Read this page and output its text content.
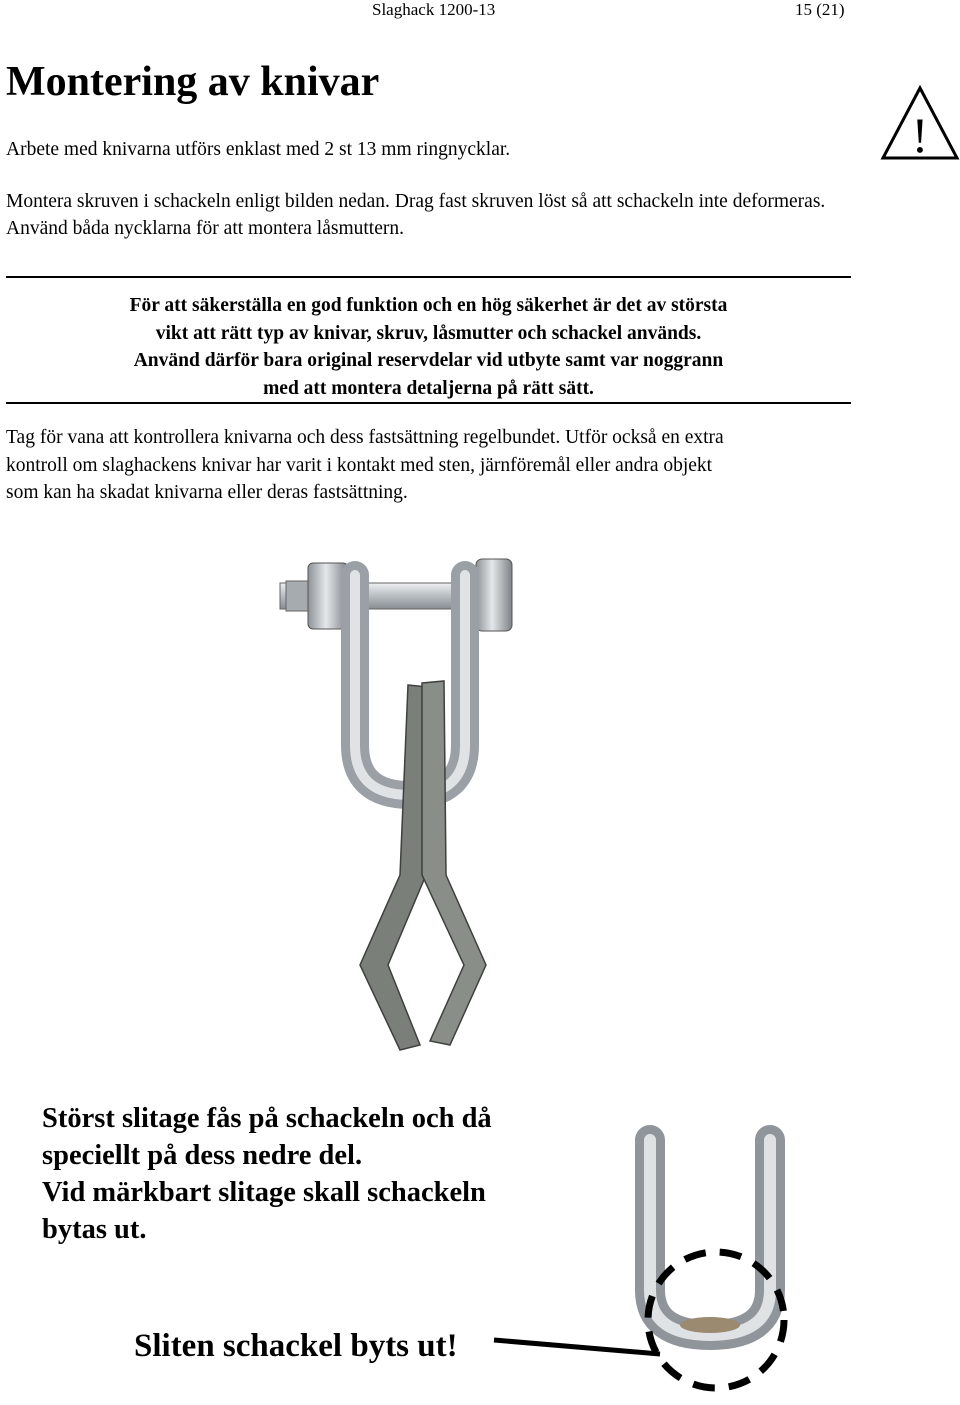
Slaghack 1200-13	15 (21)
Montering av knivar

Arbete med knivarna utförs enklast med 2 st 13 mm ringnycklar.

Montera skruven i schackeln enligt bilden nedan. Drag fast skruven löst så att schackeln inte deformeras. Använd båda nycklarna för att montera låsmuttern.

!
För att säkerställa en god funktion och en hög säkerhet är det av största
vikt att rätt typ av knivar, skruv, låsmutter och schackel används.
Använd därför bara original reservdelar vid utbyte samt var noggrann
med att montera detaljerna på rätt sätt.

Tag för vana att kontrollera knivarna och dess fastsättning regelbundet. Utför också en extra
kontroll om slaghackens knivar har varit i kontakt med sten, järnföremål eller andra objekt
som kan ha skadat knivarna eller deras fastsättning.

Störst slitage fås på schackeln och då
speciellt på dess nedre del.
Vid märkbart slitage skall schackeln
bytas ut.

Sliten schackel byts ut!
